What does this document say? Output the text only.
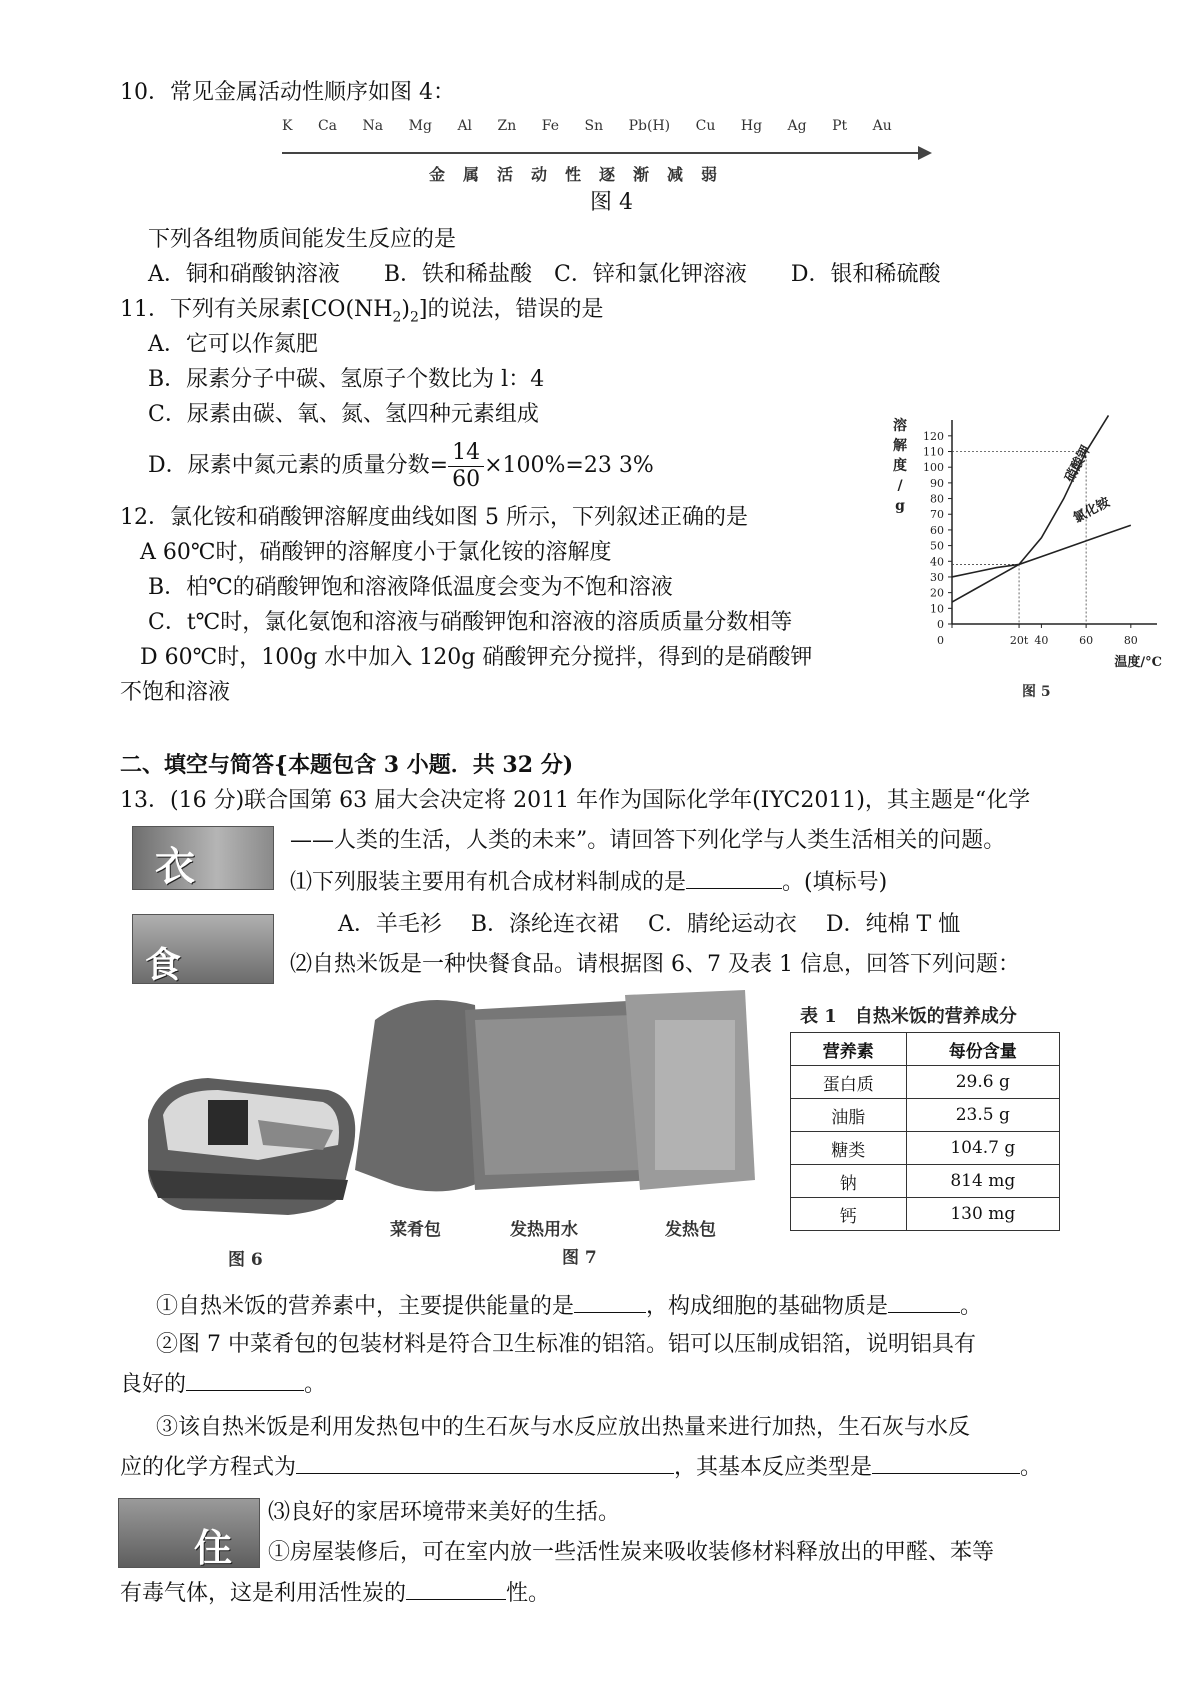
10．常见金属活动性顺序如图 4：
K Ca Na Mg Al Zn Fe Sn Pb(H) Cu Hg Ag Pt Au
金属活动性逐渐减弱
图 4
下列各组物质间能发生反应的是
A．铜和硝酸钠溶液　　B．铁和稀盐酸　C．锌和氯化钾溶液　　D．银和稀硫酸
11．下列有关尿素$[CO(NH_2)_2]$的说法，错误的是
A．它可以作氮肥
B．尿素分子中碳、氢原子个数比为 l：4
C．尿素由碳、氧、氮、氢四种元素组成
D．尿素中氮元素的质量分数= $\frac{14}{60} \times 100\%=23$ 3%
12．氯化铵和硝酸钾溶解度曲线如图 5 所示，下列叙述正确的是
A 60℃时，硝酸钾的溶解度小于氯化铵的溶解度
B．柏℃的硝酸钾饱和溶液降低温度会变为不饱和溶液
C．t℃时，氯化氨饱和溶液与硝酸钾饱和溶液的溶质质量分数相等
D 60℃时，100g 水中加入 120g 硝酸钾充分搅拌，得到的是硝酸钾
不饱和溶液
0
10
20
30
40
50
60
70
80
90
100
110
120
0	20t 40	60	80
硝酸钾
氯化铵
溶
解
度
/
g
温度/°C
图 5
二、填空与简答{本题包含 3 小题．共 32 分)
13．(16 分)联合国第 63 届大会决定将 2011 年作为国际化学年(IYC2011)，其主题是“化学
衣
——人类的生活，人类的未来”。请回答下列化学与人类生活相关的问题。
⑴下列服装主要用有机合成材料制成的是	。(填标号)
食
A．羊毛衫　 B．涤纶连衣裙　 C．腈纶运动衣　 D．纯棉 T 恤
⑵自热米饭是一种快餐食品。请根据图 6、7 及表 1 信息，回答下列问题：
图 6
菜肴包	发热用水	发热包
图 7
表 1　自热米饭的营养成分
营养素	每份含量
蛋白质	29.6 g
油脂	23.5 g
糖类	104.7 g
钠	814 mg
钙	130 mg
①自热米饭的营养素中，主要提供能量的是	，构成细胞的基础物质是	。
②图 7 中菜肴包的包装材料是符合卫生标准的铝箔。铝可以压制成铝箔，说明铝具有
良好的	。
③该自热米饭是利用发热包中的生石灰与水反应放出热量来进行加热，生石灰与水反
应的化学方程式为	，其基本反应类型是	。
住
⑶良好的家居环境带来美好的生括。
①房屋装修后，可在室内放一些活性炭来吸收装修材料释放出的甲醛、苯等
有毒气体，这是利用活性炭的	性。
